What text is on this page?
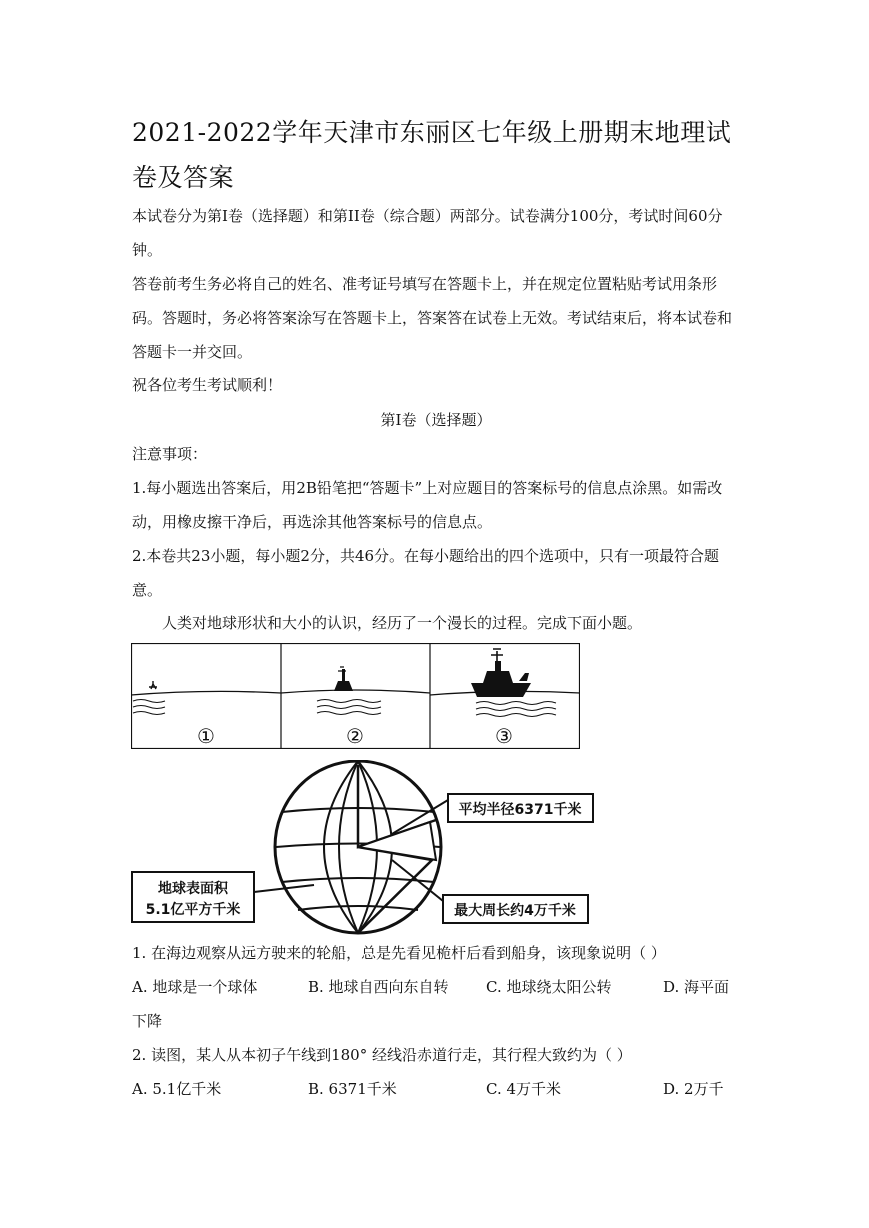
2021-2022学年天津市东丽区七年级上册期末地理试卷及答案

本试卷分为第Ⅰ卷（选择题）和第II卷（综合题）两部分。试卷满分100分，考试时间60分钟。

答卷前考生务必将自己的姓名、准考证号填写在答题卡上，并在规定位置粘贴考试用条形码。答题时，务必将答案涂写在答题卡上，答案答在试卷上无效。考试结束后，将本试卷和答题卡一并交回。

祝各位考生考试顺利！

第Ⅰ卷（选择题）

注意事项：

1.每小题选出答案后，用2B铅笔把“答题卡”上对应题目的答案标号的信息点涂黑。如需改动，用橡皮擦干净后，再选涂其他答案标号的信息点。

2.本卷共23小题，每小题2分，共46分。在每小题给出的四个选项中，只有一项最符合题意。

人类对地球形状和大小的认识，经历了一个漫长的过程。完成下面小题。

①	②	③
平均半径6371千米
地球表面积
5.1亿平方千米	最大周长约4万千米

1. 在海边观察从远方驶来的轮船，总是先看见桅杆后看到船身，该现象说明（ ）

A. 地球是一个球体	B. 地球自西向东自转 C. 地球绕太阳公转	D. 海平面

下降

2. 读图，某人从本初子午线到180° 经线沿赤道行走，其行程大致约为（ ）

A. 5.1亿千米	B. 6371千米	C. 4万千米	D. 2万千
